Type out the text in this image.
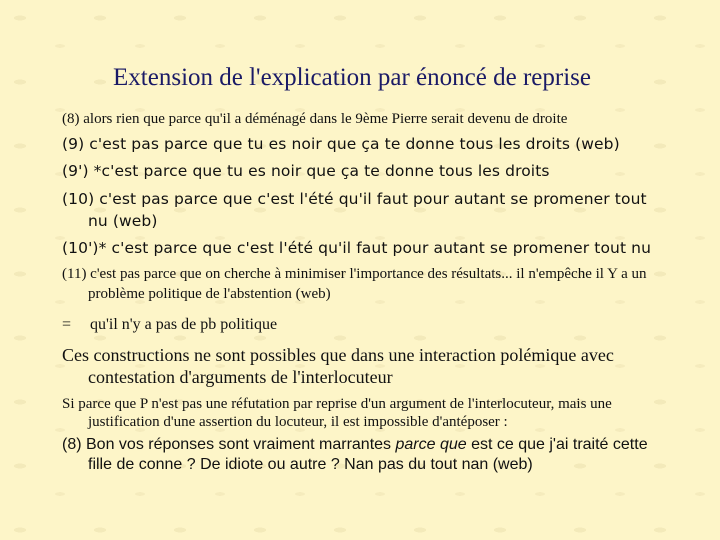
Extension de l'explication par énoncé de reprise

(8) alors rien que parce qu'il a déménagé dans le 9ème Pierre serait devenu de droite

(9) c'est pas parce que tu es noir que ça te donne tous les droits (web)

(9') *c'est parce que tu es noir que ça te donne tous les droits

(10) c'est pas parce que c'est l'été qu'il faut pour autant se promener tout nu (web)

(10')* c'est parce que c'est l'été qu'il faut pour autant se promener tout nu

(11) c'est pas parce que on cherche à minimiser l'importance des résultats... il n'empêche il Y a un problème politique de l'abstention (web)

= qu'il n'y a pas de pb politique

Ces constructions ne sont possibles que dans une interaction polémique avec contestation d'arguments de l'interlocuteur

Si parce que P n'est pas une réfutation par reprise d'un argument de l'interlocuteur, mais une justification d'une assertion du locuteur, il est impossible d'antéposer :

(8) Bon vos réponses sont vraiment marrantes parce que est ce que j'ai traité cette fille de conne ? De idiote ou autre ? Nan pas du tout nan (web)
